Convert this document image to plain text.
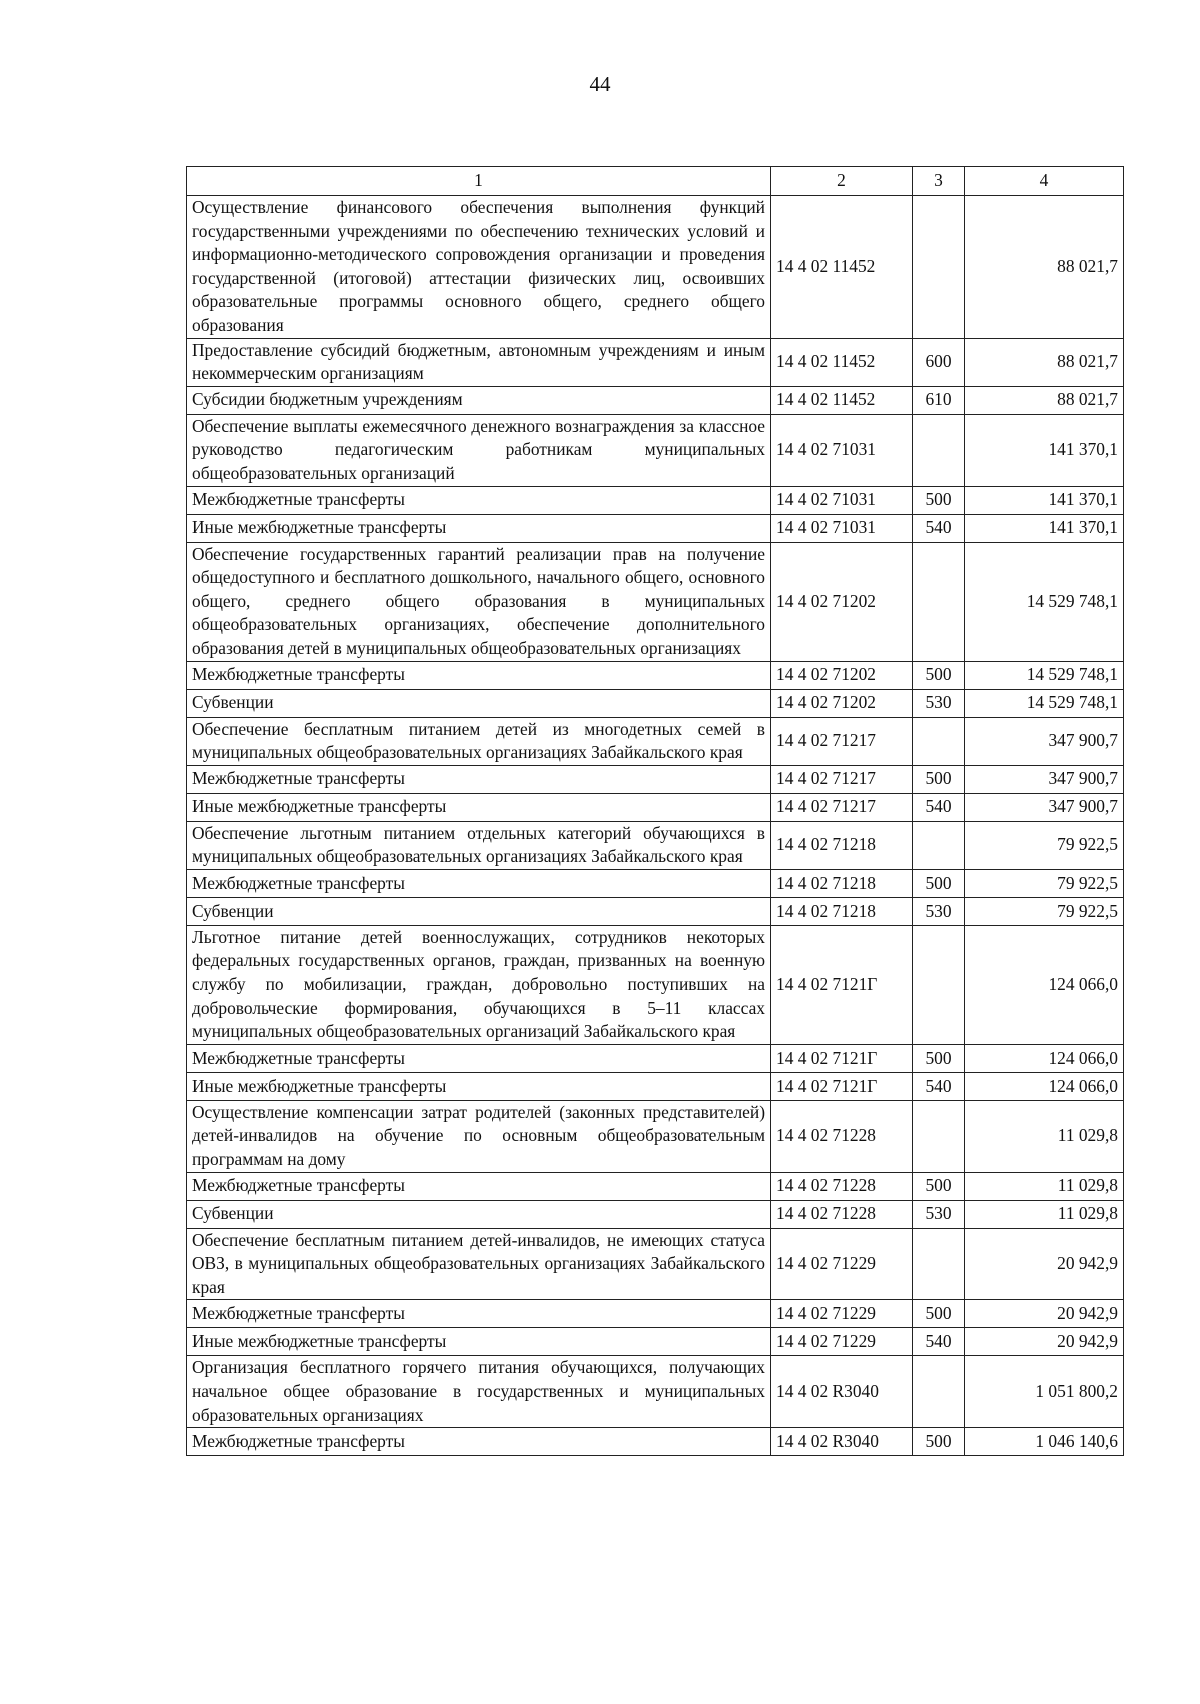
44
1	2	3	4
Осуществление финансового обеспечения выполнения функций государственными учреждениями по обеспечению технических условий и информационно-методического сопровождения организации и проведения государственной (итоговой) аттестации физических лиц, освоивших образовательные программы основного общего, среднего общего образования	14 4 02 11452		88 021,7
Предоставление субсидий бюджетным, автономным учреждениям и иным некоммерческим организациям	14 4 02 11452	600	88 021,7
Субсидии бюджетным учреждениям	14 4 02 11452	610	88 021,7
Обеспечение выплаты ежемесячного денежного вознаграждения за классное руководство педагогическим работникам муниципальных общеобразовательных организаций	14 4 02 71031		141 370,1
Межбюджетные трансферты	14 4 02 71031	500	141 370,1
Иные межбюджетные трансферты	14 4 02 71031	540	141 370,1
Обеспечение государственных гарантий реализации прав на получение общедоступного и бесплатного дошкольного, начального общего, основного общего, среднего общего образования в муниципальных общеобразовательных организациях, обеспечение дополнительного образования детей в муниципальных общеобразовательных организациях	14 4 02 71202		14 529 748,1
Межбюджетные трансферты	14 4 02 71202	500	14 529 748,1
Субвенции	14 4 02 71202	530	14 529 748,1
Обеспечение бесплатным питанием детей из многодетных семей в муниципальных общеобразовательных организациях Забайкальского края	14 4 02 71217		347 900,7
Межбюджетные трансферты	14 4 02 71217	500	347 900,7
Иные межбюджетные трансферты	14 4 02 71217	540	347 900,7
Обеспечение льготным питанием отдельных категорий обучающихся в муниципальных общеобразовательных организациях Забайкальского края	14 4 02 71218		79 922,5
Межбюджетные трансферты	14 4 02 71218	500	79 922,5
Субвенции	14 4 02 71218	530	79 922,5
Льготное питание детей военнослужащих, сотрудников некоторых федеральных государственных органов, граждан, призванных на военную службу по мобилизации, граждан, добровольно поступивших на добровольческие формирования, обучающихся в 5–11 классах муниципальных общеобразовательных организаций Забайкальского края	14 4 02 7121Г		124 066,0
Межбюджетные трансферты	14 4 02 7121Г	500	124 066,0
Иные межбюджетные трансферты	14 4 02 7121Г	540	124 066,0
Осуществление компенсации затрат родителей (законных представителей) детей-инвалидов на обучение по основным общеобразовательным программам на дому	14 4 02 71228		11 029,8
Межбюджетные трансферты	14 4 02 71228	500	11 029,8
Субвенции	14 4 02 71228	530	11 029,8
Обеспечение бесплатным питанием детей-инвалидов, не имеющих статуса ОВЗ, в муниципальных общеобразовательных организациях Забайкальского края	14 4 02 71229		20 942,9
Межбюджетные трансферты	14 4 02 71229	500	20 942,9
Иные межбюджетные трансферты	14 4 02 71229	540	20 942,9
Организация бесплатного горячего питания обучающихся, получающих начальное общее образование в государственных и муниципальных образовательных организациях	14 4 02 R3040		1 051 800,2
Межбюджетные трансферты	14 4 02 R3040	500	1 046 140,6
